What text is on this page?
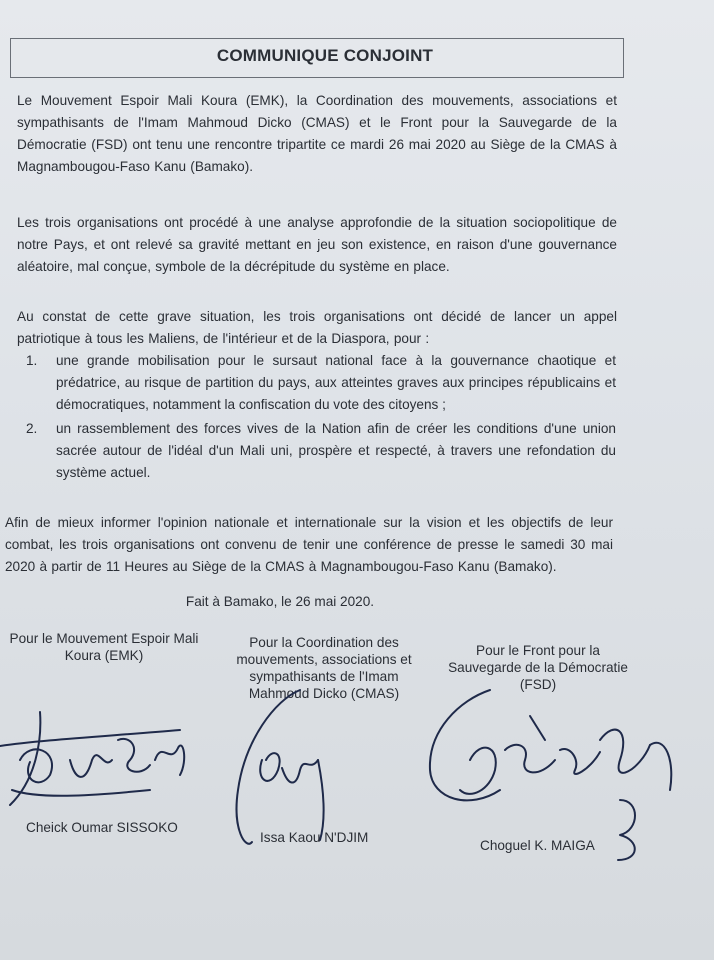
COMMUNIQUE CONJOINT
Le Mouvement Espoir Mali Koura (EMK), la Coordination des mouvements, associations et sympathisants de l'Imam Mahmoud Dicko (CMAS) et le Front pour la Sauvegarde de la Démocratie (FSD) ont tenu une rencontre tripartite ce mardi 26 mai 2020 au Siège de la CMAS à Magnambougou-Faso Kanu (Bamako).
Les trois organisations ont procédé à une analyse approfondie de la situation sociopolitique de notre Pays, et ont relevé sa gravité mettant en jeu son existence, en raison d'une gouvernance aléatoire, mal conçue, symbole de la décrépitude du système en place.
Au constat de cette grave situation, les trois organisations ont décidé de lancer un appel patriotique à tous les Maliens, de l'intérieur et de la Diaspora, pour :
1.	une grande mobilisation pour le sursaut national face à la gouvernance chaotique et prédatrice, au risque de partition du pays, aux atteintes graves aux principes républicains et démocratiques, notamment la confiscation du vote des citoyens ;
2.	un rassemblement des forces vives de la Nation afin de créer les conditions d'une union sacrée autour de l'idéal d'un Mali uni, prospère et respecté, à travers une refondation du système actuel.
Afin de mieux informer l'opinion nationale et internationale sur la vision et les objectifs de leur combat, les trois organisations ont convenu de tenir une conférence de presse le samedi 30 mai 2020 à partir de 11 Heures au Siège de la CMAS à Magnambougou-Faso Kanu (Bamako).
Fait à Bamako, le 26 mai 2020.
Pour le Mouvement Espoir Mali Koura (EMK)
Pour la Coordination des mouvements, associations et sympathisants de l'Imam Mahmoud Dicko (CMAS)
Pour le Front pour la Sauvegarde de la Démocratie (FSD)
Cheick Oumar SISSOKO
Issa Kaou N'DJIM
Choguel K. MAIGA
